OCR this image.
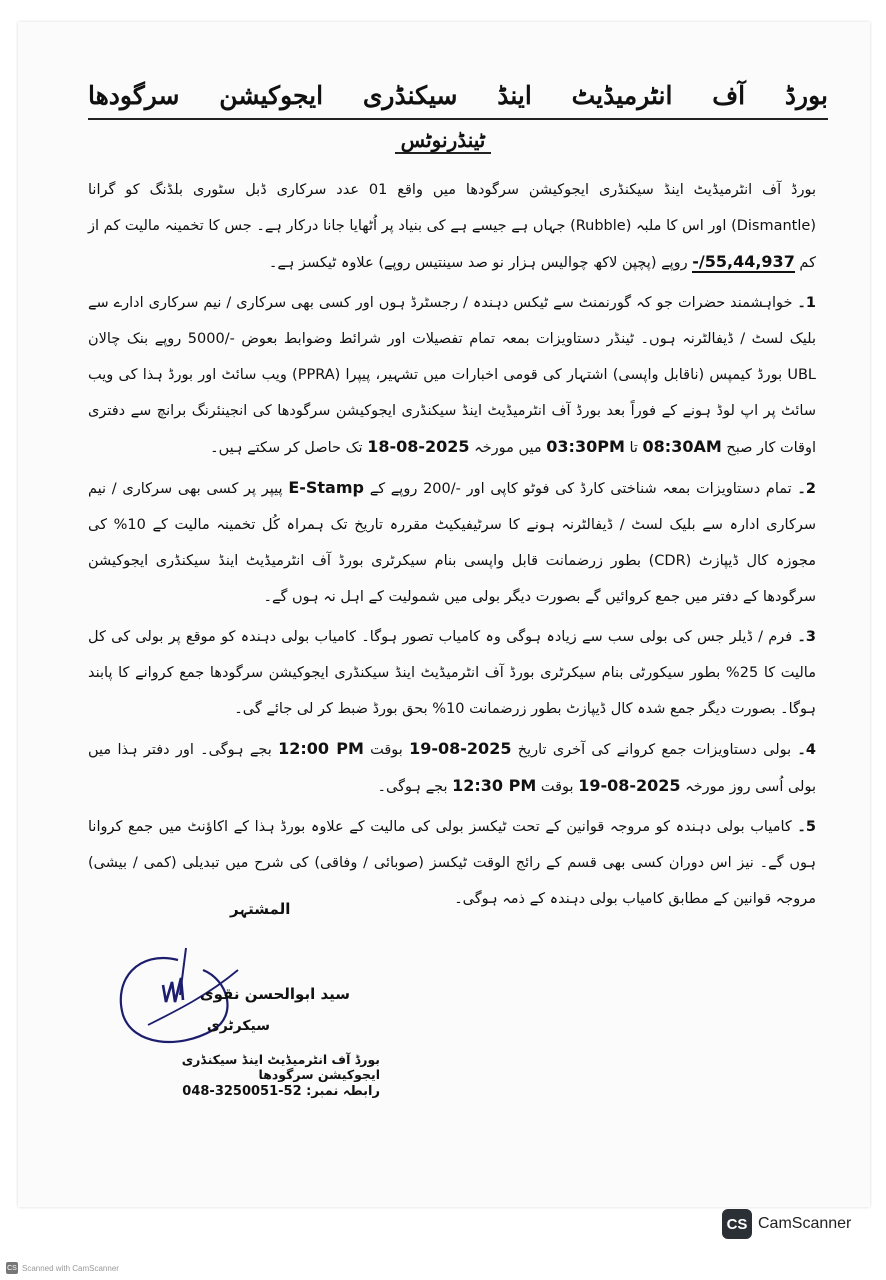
بورڈ
آف
انٹرمیڈیٹ
اینڈ
سیکنڈری
ایجوکیشن
سرگودھا
ٹینڈرنوٹس

بورڈ آف انٹرمیڈیٹ اینڈ سیکنڈری ایجوکیشن سرگودھا میں واقع 01 عدد سرکاری ڈبل سٹوری بلڈنگ کو گرانا (Dismantle) اور اس کا ملبہ (Rubble) جہاں ہے جیسے ہے کی بنیاد پر اُٹھایا جانا درکار ہے۔ جس کا تخمینہ مالیت کم از کم -/55,44,937 روپے (پچپن لاکھ چوالیس ہزار نو صد سینتیس روپے) علاوہ ٹیکسز ہے۔

1۔ خواہشمند حضرات جو کہ گورنمنٹ سے ٹیکس دہندہ / رجسٹرڈ ہوں اور کسی بھی سرکاری / نیم سرکاری ادارے سے بلیک لسٹ / ڈیفالٹرنہ ہوں۔ ٹینڈر دستاویزات بمعہ تمام تفصیلات اور شرائط وضوابط بعوض -/5000 روپے بنک چالان UBL بورڈ کیمپس (ناقابل واپسی) اشتہار کی قومی اخبارات میں تشہیر، پیپرا (PPRA) ویب سائٹ اور بورڈ ہذا کی ویب سائٹ پر اپ لوڈ ہونے کے فوراً بعد بورڈ آف انٹرمیڈیٹ اینڈ سیکنڈری ایجوکیشن سرگودھا کی انجینئرنگ برانچ سے دفتری اوقات کار صبح 08:30AM تا 03:30PM میں مورخہ 18-08-2025 تک حاصل کر سکتے ہیں۔

2۔ تمام دستاویزات بمعہ شناختی کارڈ کی فوٹو کاپی اور -/200 روپے کے E-Stamp پیپر پر کسی بھی سرکاری / نیم سرکاری ادارہ سے بلیک لسٹ / ڈیفالٹرنہ ہونے کا سرٹیفیکیٹ مقررہ تاریخ تک ہمراہ کُل تخمینہ مالیت کے 10% کی مجوزہ کال ڈیپازٹ (CDR) بطور زرضمانت قابل واپسی بنام سیکرٹری بورڈ آف انٹرمیڈیٹ اینڈ سیکنڈری ایجوکیشن سرگودھا کے دفتر میں جمع کروائیں گے بصورت دیگر بولی میں شمولیت کے اہل نہ ہوں گے۔

3۔ فرم / ڈیلر جس کی بولی سب سے زیادہ ہوگی وہ کامیاب تصور ہوگا۔ کامیاب بولی دہندہ کو موقع پر بولی کی کل مالیت کا 25% بطور سیکورٹی بنام سیکرٹری بورڈ آف انٹرمیڈیٹ اینڈ سیکنڈری ایجوکیشن سرگودھا جمع کروانے کا پابند ہوگا۔ بصورت دیگر جمع شدہ کال ڈیپازٹ بطور زرضمانت 10% بحق بورڈ ضبط کر لی جائے گی۔

4۔ بولی دستاویزات جمع کروانے کی آخری تاریخ 19-08-2025 بوقت 12:00 PM بجے ہوگی۔ اور دفتر ہذا میں بولی اُسی روز مورخہ 19-08-2025 بوقت 12:30 PM بجے ہوگی۔

5۔ کامیاب بولی دہندہ کو مروجہ قوانین کے تحت ٹیکسز بولی کی مالیت کے علاوہ بورڈ ہذا کے اکاؤنٹ میں جمع کروانا ہوں گے۔ نیز اس دوران کسی بھی قسم کے رائج الوقت ٹیکسز (صوبائی / وفاقی) کی شرح میں تبدیلی (کمی / بیشی) مروجہ قوانین کے مطابق کامیاب بولی دہندہ کے ذمہ ہوگی۔

المشتہر
سید ابوالحسن نقوی
سیکرٹری
بورڈ آف انٹرمیڈیٹ اینڈ سیکنڈری ایجوکیشن سرگودھا
رابطہ نمبر: 048-3250051-52
CS CamScanner
CS Scanned with CamScanner
